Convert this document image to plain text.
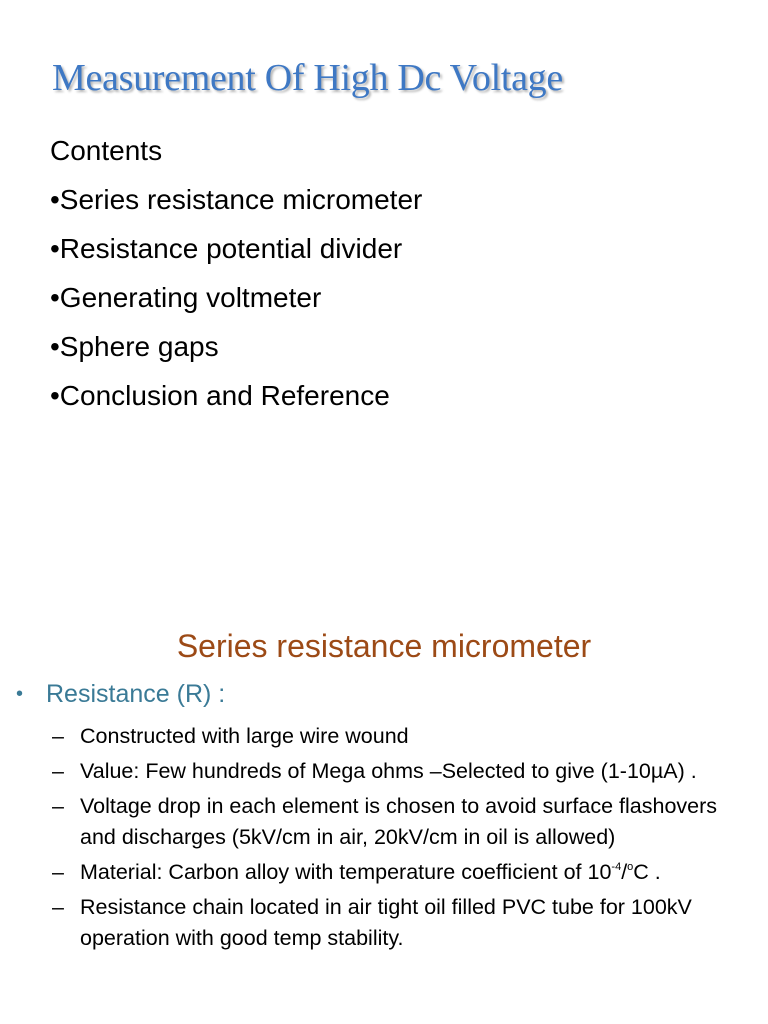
Measurement Of High Dc Voltage
Contents
•Series resistance micrometer
•Resistance potential divider
•Generating voltmeter
•Sphere gaps
•Conclusion and Reference
Series resistance micrometer
• Resistance (R) :
– Constructed with large wire wound
– Value: Few hundreds of Mega ohms –Selected to give (1-10µA) .
– Voltage drop in each element is chosen to avoid surface flashovers and discharges (5kV/cm in air, 20kV/cm in oil is allowed)
– Material: Carbon alloy with temperature coefficient of $10^{-4}/^oC$ .
– Resistance chain located in air tight oil filled PVC tube for 100kV operation with good temp stability.
